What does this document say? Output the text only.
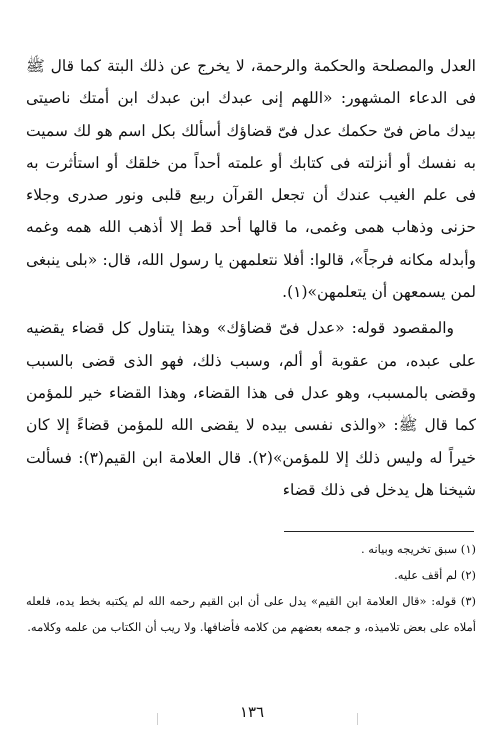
العدل والمصلحة والحكمة والرحمة، لا يخرج عن ذلك البتة كما قال ﷺ فى الدعاء المشهور: «اللهم إنى عبدك ابن عبدك ابن أمتك ناصيتى بيدك ماض فىّ حكمك عدل فىّ قضاؤك أسألك بكل اسم هو لك سميت به نفسك أو أنزلته فى كتابك أو علمته أحداً من خلقك أو استأثرت به فى علم الغيب عندك أن تجعل القرآن ربيع قلبى ونور صدرى وجلاء حزنى وذهاب همى وغمى، ما قالها أحد قط إلا أذهب الله همه وغمه وأبدله مكانه فرجاً»، قالوا: أفلا نتعلمهن يا رسول الله، قال: «بلى ينبغى لمن يسمعهن أن يتعلمهن»(١).

والمقصود قوله: «عدل فىّ قضاؤك» وهذا يتناول كل قضاء يقضيه على عبده، من عقوبة أو ألم، وسبب ذلك، فهو الذى قضى بالسبب وقضى بالمسبب، وهو عدل فى هذا القضاء، وهذا القضاء خير للمؤمن كما قال ﷺ: «والذى نفسى بيده لا يقضى الله للمؤمن قضاءً إلا كان خيراً له وليس ذلك إلا للمؤمن»(٢). قال العلامة ابن القيم(٣): فسألت شيخنا هل يدخل فى ذلك قضاء

(١) سبق تخريجه وبيانه .

(٢) لم أقف عليه.

(٣) قوله: «قال العلامة ابن القيم» يدل على أن ابن القيم رحمه الله لم يكتبه بخط يده، فلعله أملاه على بعض تلاميذه، و جمعه بعضهم من كلامه فأضافها. ولا ريب أن الكتاب من علمه وكلامه.

١٣٦
